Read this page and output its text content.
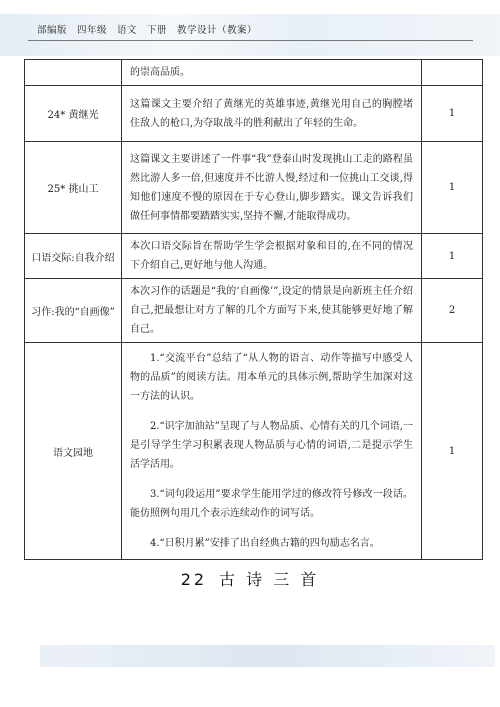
部编版　四年级　语文　下册　教学设计（教案）
	的崇高品质。	
24* 黄继光	这篇课文主要介绍了黄继光的英雄事迹,黄继光用自己的胸膛堵住敌人的枪口,为夺取战斗的胜利献出了年轻的生命。	1
25* 挑山工	这篇课文主要讲述了一件事“我”登泰山时发现挑山工走的路程虽然比游人多一倍,但速度并不比游人慢,经过和一位挑山工交谈,得知他们速度不慢的原因在于专心登山,脚步踏实。课文告诉我们做任何事情都要踏踏实实,坚持不懈,才能取得成功。	1
口语交际:自我介绍	本次口语交际旨在帮助学生学会根据对象和目的,在不同的情况下介绍自己,更好地与他人沟通。	1
习作:我的“自画像”	本次习作的话题是“我的‘自画像’”,设定的情景是向新班主任介绍自己,把最想让对方了解的几个方面写下来,使其能够更好地了解自己。	2
语文园地	1.“交流平台”总结了“从人物的语言、动作等描写中感受人物的品质”的阅读方法。用本单元的具体示例,帮助学生加深对这一方法的认识。

2.“识字加油站”呈现了与人物品质、心情有关的几个词语,一是引导学生学习积累表现人物品质与心情的词语,二是提示学生活学活用。

3.“词句段运用”要求学生能用学过的修改符号修改一段话。能仿照例句用几个表示连续动作的词写话。

4.“日积月累”安排了出自经典古籍的四句励志名言。	1
22 古 诗 三 首
